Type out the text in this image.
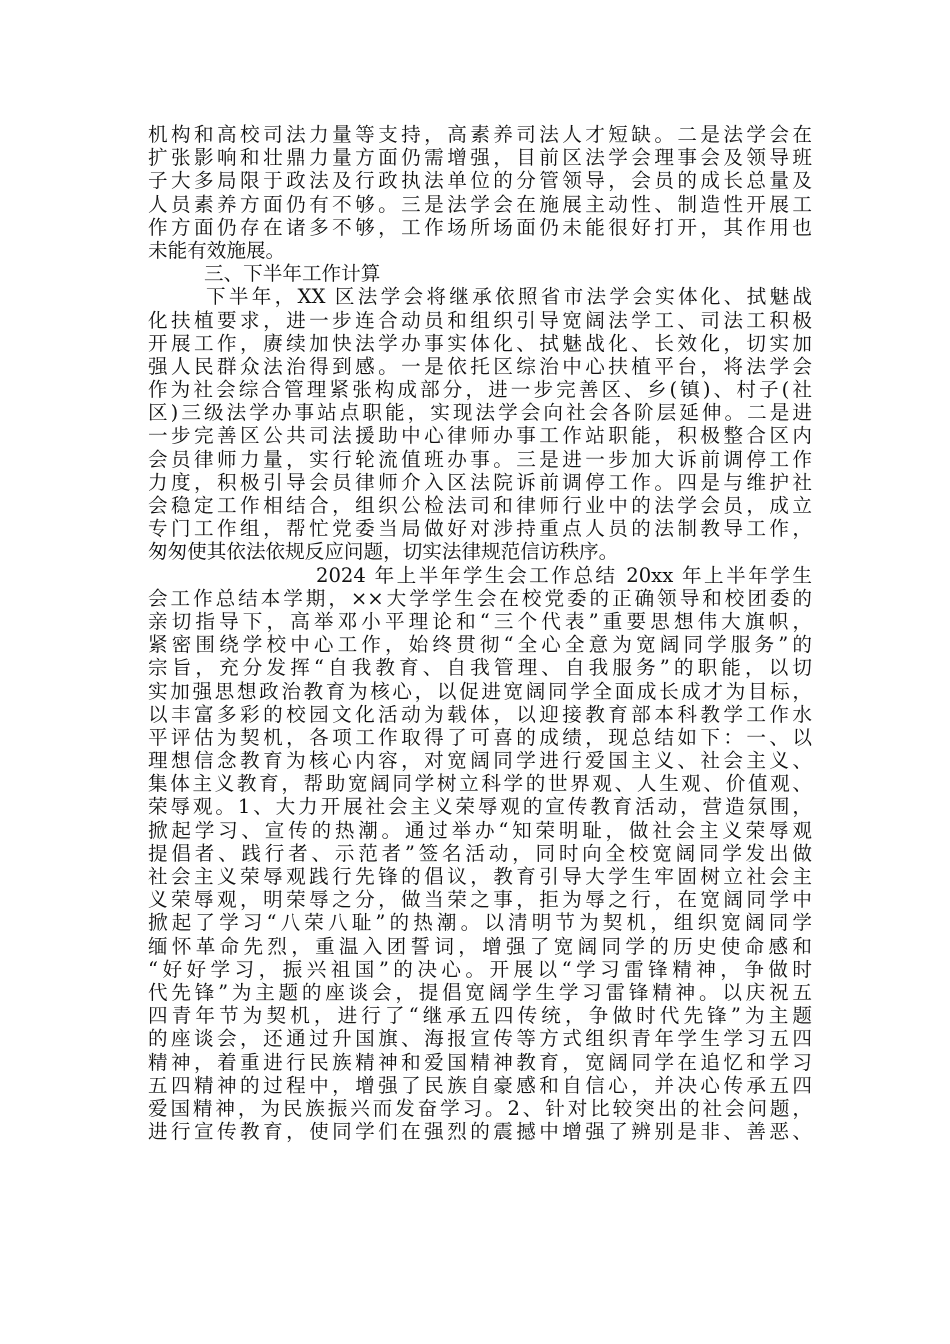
机构和高校司法力量等支持，高素养司法人才短缺。二是法学会在
扩张影响和壮鼎力量方面仍需增强，目前区法学会理事会及领导班
子大多局限于政法及行政执法单位的分管领导，会员的成长总量及
人员素养方面仍有不够。三是法学会在施展主动性、制造性开展工
作方面仍存在诸多不够，工作场所场面仍未能很好打开，其作用也
未能有效施展。
三、下半年工作计算
下半年，XX 区法学会将继承依照省市法学会实体化、拭魅战
化扶植要求，进一步连合动员和组织引导宽阔法学工、司法工积极
开展工作，赓续加快法学办事实体化、拭魅战化、长效化，切实加
强人民群众法治得到感。一是依托区综治中心扶植平台，将法学会
作为社会综合管理紧张构成部分，进一步完善区、乡(镇)、村子(社
区)三级法学办事站点职能，实现法学会向社会各阶层延伸。二是进
一步完善区公共司法援助中心律师办事工作站职能，积极整合区内
会员律师力量，实行轮流值班办事。三是进一步加大诉前调停工作
力度，积极引导会员律师介入区法院诉前调停工作。四是与维护社
会稳定工作相结合，组织公检法司和律师行业中的法学会员，成立
专门工作组，帮忙党委当局做好对涉持重点人员的法制教导工作，
匆匆使其依法依规反应问题，切实法律规范信访秩序。
2024 年上半年学生会工作总结 20xx 年上半年学生
会工作总结本学期，××大学学生会在校党委的正确领导和校团委的
亲切指导下，高举邓小平理论和“三个代表”重要思想伟大旗帜，
紧密围绕学校中心工作，始终贯彻“全心全意为宽阔同学服务”的
宗旨，充分发挥“自我教育、自我管理、自我服务”的职能，以切
实加强思想政治教育为核心，以促进宽阔同学全面成长成才为目标，
以丰富多彩的校园文化活动为载体，以迎接教育部本科教学工作水
平评估为契机，各项工作取得了可喜的成绩，现总结如下：一、以
理想信念教育为核心内容，对宽阔同学进行爱国主义、社会主义、
集体主义教育，帮助宽阔同学树立科学的世界观、人生观、价值观、
荣辱观。1、大力开展社会主义荣辱观的宣传教育活动，营造氛围，
掀起学习、宣传的热潮。通过举办“知荣明耻，做社会主义荣辱观
提倡者、践行者、示范者”签名活动，同时向全校宽阔同学发出做
社会主义荣辱观践行先锋的倡议，教育引导大学生牢固树立社会主
义荣辱观，明荣辱之分，做当荣之事，拒为辱之行，在宽阔同学中
掀起了学习“八荣八耻”的热潮。以清明节为契机，组织宽阔同学
缅怀革命先烈，重温入团誓词，增强了宽阔同学的历史使命感和
“好好学习，振兴祖国”的决心。开展以“学习雷锋精神，争做时
代先锋”为主题的座谈会，提倡宽阔学生学习雷锋精神。以庆祝五
四青年节为契机，进行了“继承五四传统，争做时代先锋”为主题
的座谈会，还通过升国旗、海报宣传等方式组织青年学生学习五四
精神，着重进行民族精神和爱国精神教育，宽阔同学在追忆和学习
五四精神的过程中，增强了民族自豪感和自信心，并决心传承五四
爱国精神，为民族振兴而发奋学习。2、针对比较突出的社会问题，
进行宣传教育，使同学们在强烈的震撼中增强了辨别是非、善恶、
